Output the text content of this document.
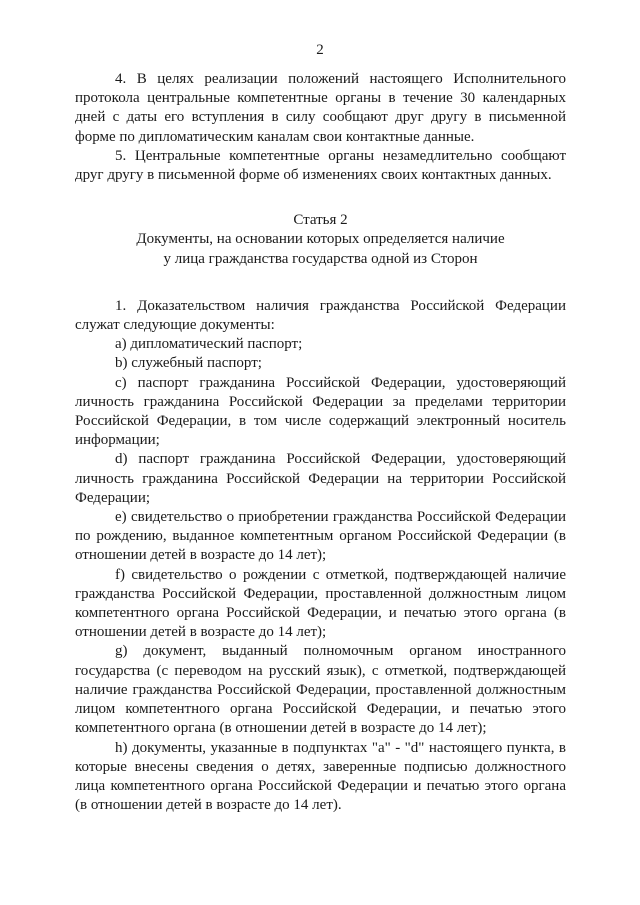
2

4. В целях реализации положений настоящего Исполнительного протокола центральные компетентные органы в течение 30 календарных дней с даты его вступления в силу сообщают друг другу в письменной форме по дипломатическим каналам свои контактные данные.

5. Центральные компетентные органы незамедлительно сообщают друг другу в письменной форме об изменениях своих контактных данных.

Статья 2

Документы, на основании которых определяется наличие

у лица гражданства государства одной из Сторон

1. Доказательством наличия гражданства Российской Федерации служат следующие документы:

а) дипломатический паспорт;

b) служебный паспорт;

c) паспорт гражданина Российской Федерации, удостоверяющий личность гражданина Российской Федерации за пределами территории Российской Федерации, в том числе содержащий электронный носитель информации;

d) паспорт гражданина Российской Федерации, удостоверяющий личность гражданина Российской Федерации на территории Российской Федерации;

e) свидетельство о приобретении гражданства Российской Федерации по рождению, выданное компетентным органом Российской Федерации (в отношении детей в возрасте до 14 лет);

f) свидетельство о рождении с отметкой, подтверждающей наличие гражданства Российской Федерации, проставленной должностным лицом компетентного органа Российской Федерации, и печатью этого органа (в отношении детей в возрасте до 14 лет);

g) документ, выданный полномочным органом иностранного государства (с переводом на русский язык), с отметкой, подтверждающей наличие гражданства Российской Федерации, проставленной должностным лицом компетентного органа Российской Федерации, и печатью этого компетентного органа (в отношении детей в возрасте до 14 лет);

h) документы, указанные в подпунктах "а" - "d" настоящего пункта, в которые внесены сведения о детях, заверенные подписью должностного лица компетентного органа Российской Федерации и печатью этого органа (в отношении детей в возрасте до 14 лет).
